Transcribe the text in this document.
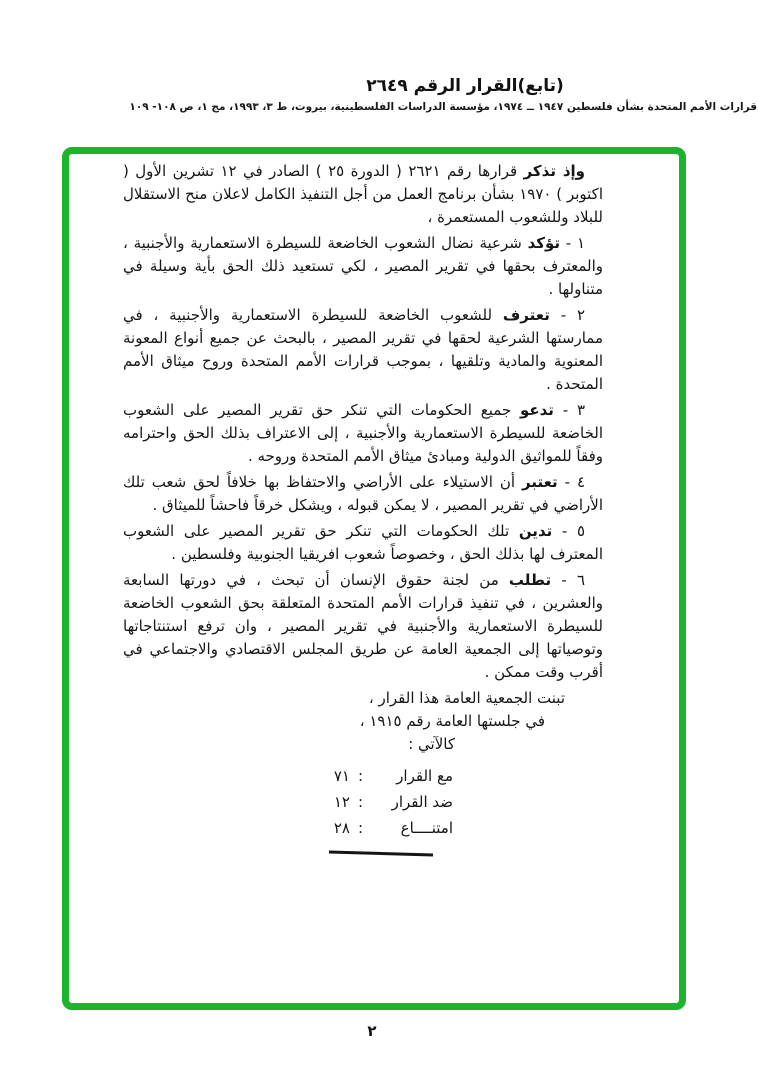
(تابع)القرار الرقم ٢٦٤٩
قرارات الأمم المتحدة بشأن فلسطين ١٩٤٧ ــ ١٩٧٤، مؤسسة الدراسات الفلسطينية، بيروت، ط ٣، ١٩٩٣، مج ١، ص ١٠٨- ١٠٩

وإذ تذكر قرارها رقم ٢٦٢١ ( الدورة ٢٥ ) الصادر في ١٢ تشرين الأول ( اكتوبر ) ١٩٧٠ بشأن برنامج العمل من أجل التنفيذ الكامل لاعلان منح الاستقلال للبلاد وللشعوب المستعمرة ،

١ - تؤكد شرعية نضال الشعوب الخاضعة للسيطرة الاستعمارية والأجنبية ، والمعترف بحقها في تقرير المصير ، لكي تستعيد ذلك الحق بأية وسيلة في متناولها .

٢ - تعترف للشعوب الخاضعة للسيطرة الاستعمارية والأجنبية ، في ممارستها الشرعية لحقها في تقرير المصير ، بالبحث عن جميع أنواع المعونة المعنوية والمادية وتلقيها ، بموجب قرارات الأمم المتحدة وروح ميثاق الأمم المتحدة .

٣ - تدعو جميع الحكومات التي تنكر حق تقرير المصير على الشعوب الخاضعة للسيطرة الاستعمارية والأجنبية ، إلى الاعتراف بذلك الحق واحترامه وفقاً للمواثيق الدولية ومبادئ ميثاق الأمم المتحدة وروحه .

٤ - تعتبر أن الاستيلاء على الأراضي والاحتفاظ بها خلافاً لحق شعب تلك الأراضي في تقرير المصير ، لا يمكن قبوله ، ويشكل خرقاً فاحشاً للميثاق .

٥ - تدين تلك الحكومات التي تنكر حق تقرير المصير على الشعوب المعترف لها بذلك الحق ، وخصوصاً شعوب افريقيا الجنوبية وفلسطين .

٦ - تطلب من لجنة حقوق الإنسان أن تبحث ، في دورتها السابعة والعشرين ، في تنفيذ قرارات الأمم المتحدة المتعلقة بحق الشعوب الخاضعة للسيطرة الاستعمارية والأجنبية في تقرير المصير ، وان ترفع استنتاجاتها وتوصياتها إلى الجمعية العامة عن طريق المجلس الاقتصادي والاجتماعي في أقرب وقت ممكن .

تبنت الجمعية العامة هذا القرار ،
في جلستها العامة رقم ١٩١٥ ،
كالآتي :
مع القرار:٧١
ضد القرار:١٢
امتنــــاع:٢٨
٢
